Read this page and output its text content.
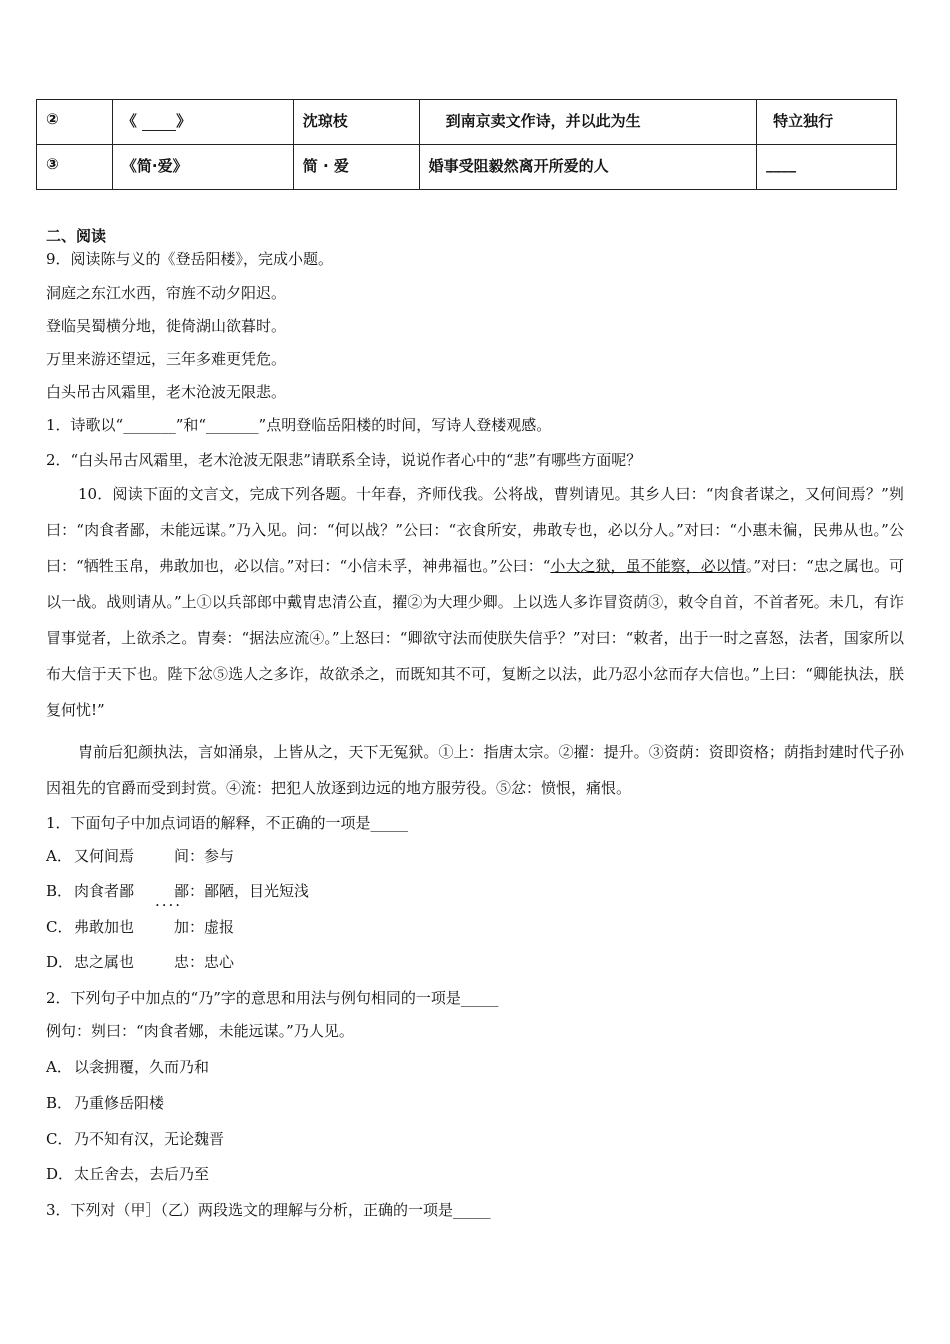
②	《 》	沈琼枝	到南京卖文作诗，并以此为生	特立独行
③	《简·爱》	简 · 爱	婚事受阻毅然离开所爱的人	____
二、阅读
9．阅读陈与义的《登岳阳楼》，完成小题。
洞庭之东江水西，帘旌不动夕阳迟。
登临吴蜀横分地，徙倚湖山欲暮时。
万里来游还望远，三年多难更凭危。
白头吊古风霜里，老木沧波无限悲。
1．诗歌以“_______”和“_______”点明登临岳阳楼的时间，写诗人登楼观感。
2．“白头吊古风霜里，老木沧波无限悲”请联系全诗，说说作者心中的“悲”有哪些方面呢？
10．阅读下面的文言文，完成下列各题。十年春，齐师伐我。公将战，曹刿请见。其乡人曰：“肉食者谋之，又何间焉？”刿曰：“肉食者鄙，未能远谋。”乃入见。问：“何以战？”公曰：“衣食所安，弗敢专也，必以分人。”对曰：“小惠未徧，民弗从也。”公曰：“牺牲玉帛，弗敢加也，必以信。”对曰：“小信未孚，神弗福也。”公曰：“小大之狱，虽不能察，必以情。”对曰：“忠之属也。可以一战。战则请从。”上①以兵部郎中戴胄忠清公直，擢②为大理少卿。上以选人多诈冒资荫③，敕令自首，不首者死。未几，有诈冒事觉者，上欲杀之。胄奏：“据法应流④。”上怒曰：“卿欲守法而使朕失信乎？”对曰：“敕者，出于一时之喜怒，法者，国家所以布大信于天下也。陛下忿⑤选人之多诈，故欲杀之，而既知其不可，复断之以法，此乃忍小忿而存大信也。”上曰：“卿能执法，朕复何忧!”
胄前后犯颜执法，言如涌泉，上皆从之，天下无冤狱。①上：指唐太宗。②擢：提升。③资荫：资即资格；荫指封建时代子孙因祖先的官爵而受到封赏。④流：把犯人放逐到边远的地方服劳役。⑤忿：愤恨，痛恨。
1．下面句子中加点词语的解释，不正确的一项是_____
A． 又何间焉	间：参与
B． 肉食者鄙
....
鄙：鄙陋，目光短浅
C． 弗敢加也	加：虚报
D．忠之属也	忠：忠心
2．下列句子中加点的“乃”字的意思和用法与例句相同的一项是_____
例句：刿曰：“肉食者娜，未能远谋。”乃人见。
A． 以衾拥覆，久而乃和
B． 乃重修岳阳楼
C． 乃不知有汉，无论魏晋
D．太丘舍去，去后乃至
3．下列对（甲］（乙）两段选文的理解与分析，正确的一项是_____
